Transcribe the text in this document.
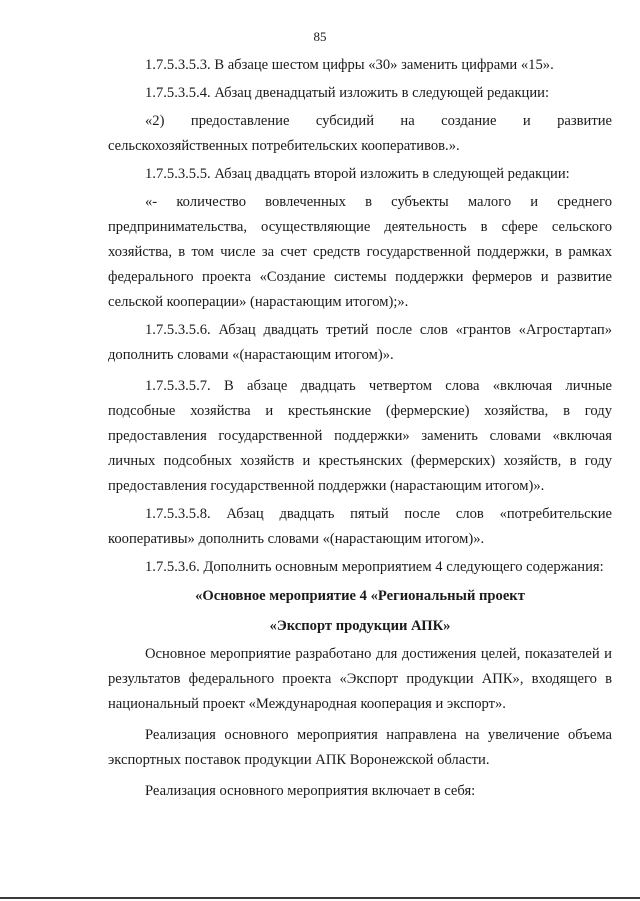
85

1.7.5.3.5.3. В абзаце шестом цифры «30» заменить цифрами «15».

1.7.5.3.5.4. Абзац двенадцатый изложить в следующей редакции:

«2) предоставление субсидий на создание и развитие сельскохозяйственных потребительских кооперативов.».

1.7.5.3.5.5. Абзац двадцать второй изложить в следующей редакции:

«- количество вовлеченных в субъекты малого и среднего предпринимательства, осуществляющие деятельность в сфере сельского хозяйства, в том числе за счет средств государственной поддержки, в рамках федерального проекта «Создание системы поддержки фермеров и развитие сельской кооперации» (нарастающим итогом);».

1.7.5.3.5.6. Абзац двадцать третий после слов «грантов «Агростартап» дополнить словами «(нарастающим итогом)».

1.7.5.3.5.7. В абзаце двадцать четвертом слова «включая личные подсобные хозяйства и крестьянские (фермерские) хозяйства, в году предоставления государственной поддержки» заменить словами «включая личных подсобных хозяйств и крестьянских (фермерских) хозяйств, в году предоставления государственной поддержки (нарастающим итогом)».

1.7.5.3.5.8. Абзац двадцать пятый после слов «потребительские кооперативы» дополнить словами «(нарастающим итогом)».

1.7.5.3.6. Дополнить основным мероприятием 4 следующего содержания:

«Основное мероприятие 4 «Региональный проект

«Экспорт продукции АПК»

Основное мероприятие разработано для достижения целей, показателей и результатов федерального проекта «Экспорт продукции АПК», входящего в национальный проект «Международная кооперация и экспорт».

Реализация основного мероприятия направлена на увеличение объема экспортных поставок продукции АПК Воронежской области.

Реализация основного мероприятия включает в себя:
